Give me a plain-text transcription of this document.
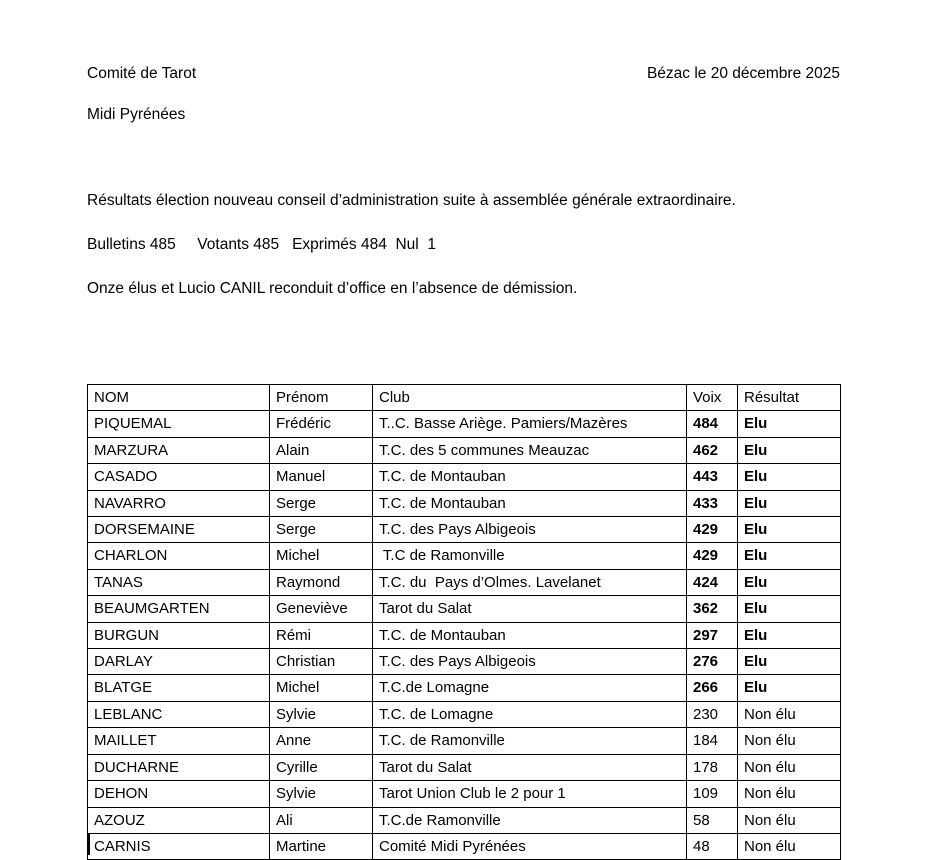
Comité de Tarot	Bézac le 20 décembre 2025
Midi Pyrénées

Résultats élection nouveau conseil d’administration suite à assemblée générale extraordinaire.

Bulletins 485     Votants 485   Exprimés 484  Nul  1

Onze élus et Lucio CANIL reconduit d’office en l’absence de démission.

NOM	Prénom	Club	Voix	Résultat
PIQUEMAL	Frédéric	T..C. Basse Ariège. Pamiers/Mazères	484	Elu
MARZURA	Alain	T.C. des 5 communes Meauzac	462	Elu
CASADO	Manuel	T.C. de Montauban	443	Elu
NAVARRO	Serge	T.C. de Montauban	433	Elu
DORSEMAINE	Serge	T.C. des Pays Albigeois	429	Elu
CHARLON	Michel	T.C de Ramonville	429	Elu
TANAS	Raymond	T.C. du  Pays d’Olmes. Lavelanet	424	Elu
BEAUMGARTEN	Geneviève	Tarot du Salat	362	Elu
BURGUN	Rémi	T.C. de Montauban	297	Elu
DARLAY	Christian	T.C. des Pays Albigeois	276	Elu
BLATGE	Michel	T.C.de Lomagne	266	Elu
LEBLANC	Sylvie	T.C. de Lomagne	230	Non élu
MAILLET	Anne	T.C. de Ramonville	184	Non élu
DUCHARNE	Cyrille	Tarot du Salat	178	Non élu
DEHON	Sylvie	Tarot Union Club le 2 pour 1	109	Non élu
AZOUZ	Ali	T.C.de Ramonville	58	Non élu
CARNIS	Martine	Comité Midi Pyrénées	48	Non élu
